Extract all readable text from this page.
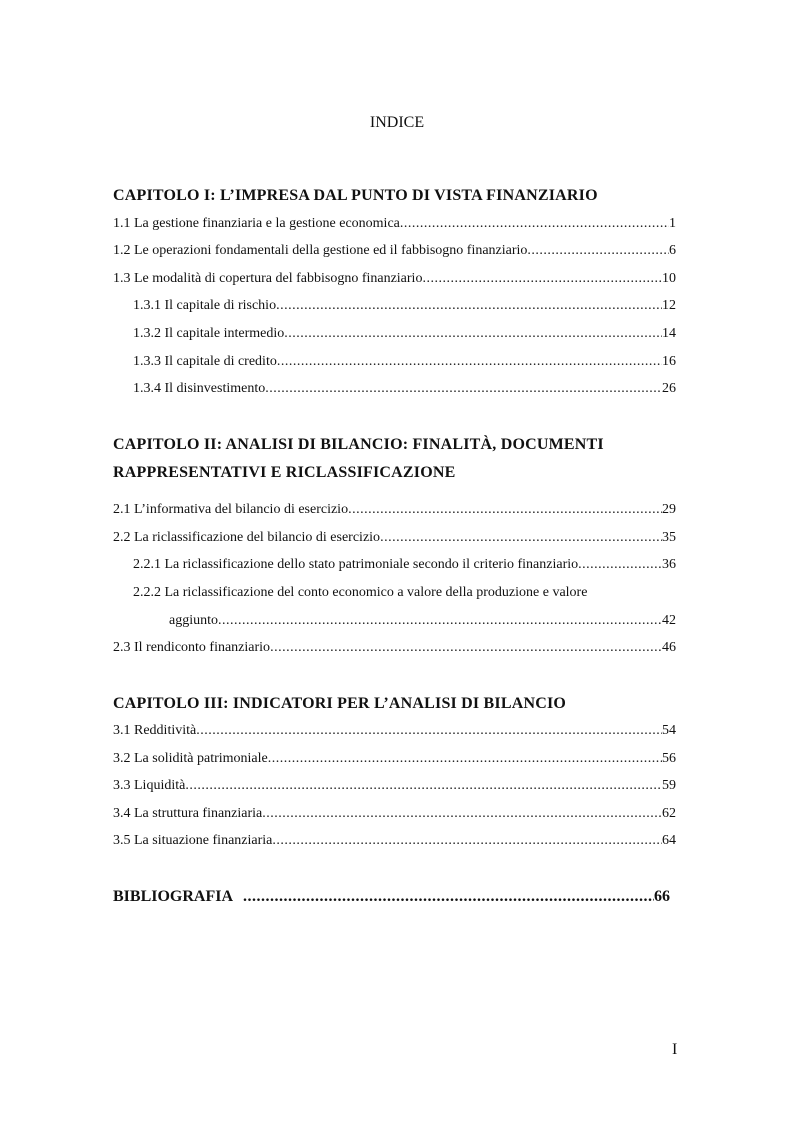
INDICE
CAPITOLO I: L’IMPRESA DAL PUNTO DI VISTA FINANZIARIO
1.1 La gestione finanziaria e la gestione economica .....	1
1.2 Le operazioni fondamentali della gestione ed il fabbisogno finanziario .....	6
1.3 Le modalità di copertura del fabbisogno finanziario .....	10
1.3.1 Il capitale di rischio .....	12
1.3.2 Il capitale intermedio .....	14
1.3.3 Il capitale di credito .....	16
1.3.4 Il disinvestimento .....	26
CAPITOLO II: ANALISI DI BILANCIO: FINALITÀ, DOCUMENTI
RAPPRESENTATIVI E RICLASSIFICAZIONE
2.1 L’informativa del bilancio di esercizio .....	29
2.2 La riclassificazione del bilancio di esercizio .....	35
2.2.1 La riclassificazione dello stato patrimoniale secondo il criterio finanziario .....	36
2.2.2 La riclassificazione del conto economico a valore della produzione e valore
aggiunto .....	42
2.3 Il rendiconto finanziario .....	46
CAPITOLO III: INDICATORI PER L’ANALISI DI BILANCIO
3.1 Redditività .....	54
3.2 La solidità patrimoniale .....	56
3.3 Liquidità .....	59
3.4 La struttura finanziaria .....	62
3.5 La situazione finanziaria .....	64
BIBLIOGRAFIA .....	66
I
